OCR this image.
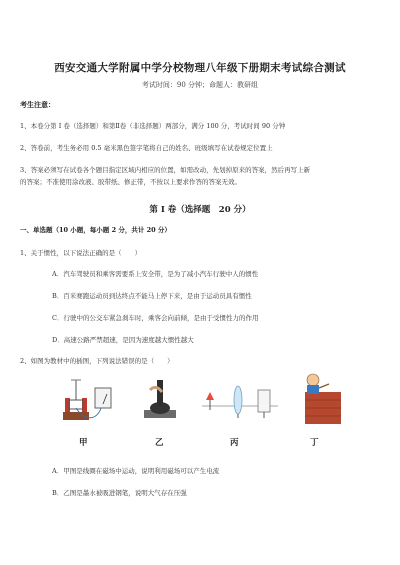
西安交通大学附属中学分校物理八年级下册期末考试综合测试
考试时间：90 分钟；命题人：教研组
考生注意：
1、本卷分第 I 卷（选择题）和第Ⅱ卷（非选择题）两部分，满分 100 分，考试时间 90 分钟
2、答卷前，考生务必用 0.5 毫米黑色签字笔将自己的姓名、班级填写在试卷规定位置上
3、答案必须写在试卷各个题目指定区域内相应的位置，如需改动，先划掉原来的答案，然后再写上新
的答案；不准使用涂改液、胶带纸、修正带，不按以上要求作答的答案无效。
第 I 卷（选择题　20 分）
一、单选题（10 小题，每小题 2 分，共计 20 分）
1、关于惯性，以下说法正确的是（　　）
A．汽车驾驶员和乘客需要系上安全带，是为了减小汽车行驶中人的惯性
B．百米赛跑运动员到达终点不能马上停下来，是由于运动员具有惯性
C．行驶中的公交车紧急刹车时，乘客会向前倾，是由于受惯性力的作用
D．高速公路严禁超速，是因为速度越大惯性越大
2、如图为教材中的插图，下列说法错误的是（　　）
甲	乙	丙	丁
A．甲图是线圈在磁场中运动，说明利用磁场可以产生电流
B．乙图是墨水被吸进钢笔，说明大气存在压强
